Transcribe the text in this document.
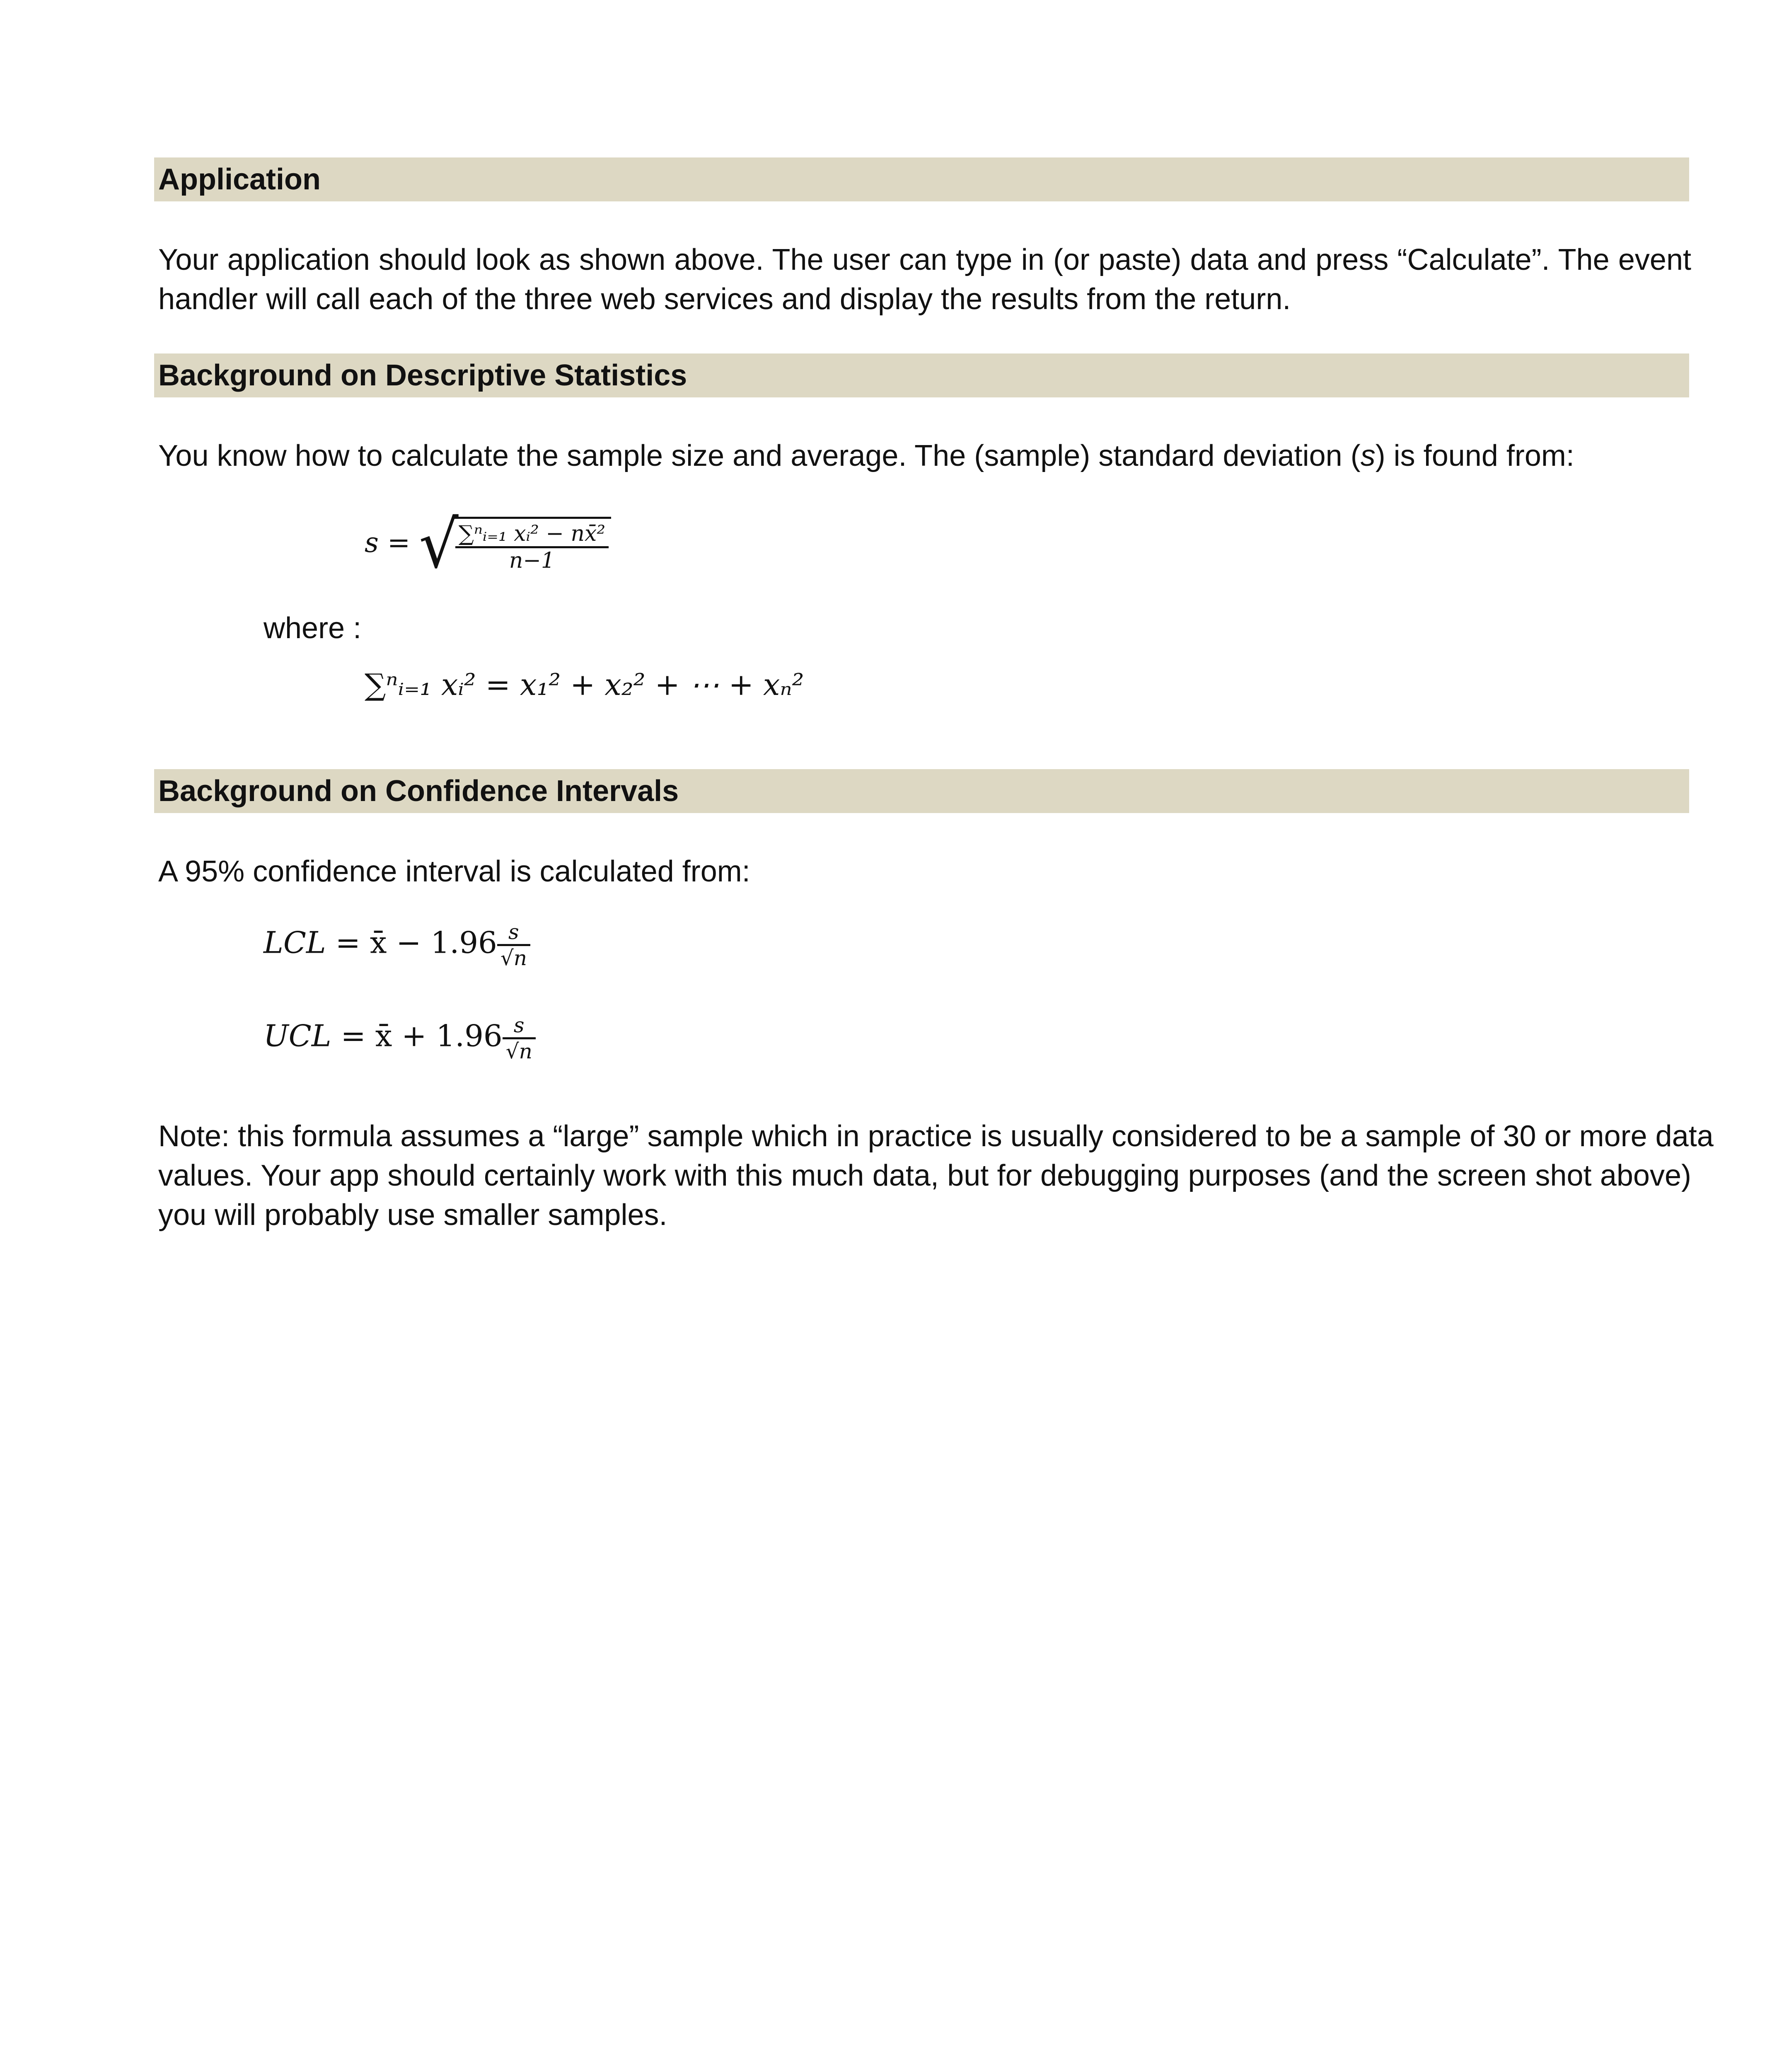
Application
Your application should look as shown above. The user can type in (or paste) data and press “Calculate”. The event
handler will call each of the three web services and display the results from the return.
Background on Descriptive Statistics
You know how to calculate the sample size and average. The (sample) standard deviation (s) is found from:
s = √
$\frac{\text{∑ⁿᵢ₌₁ xᵢ² − nx̄²}}{n-1}$
where :
∑ⁿᵢ₌₁ xᵢ² = x₁² + x₂² + ⋯ + xₙ²
Background on Confidence Intervals
A 95% confidence interval is calculated from:
LCL = x̄ − $1.96 \frac{s}{√n}$
UCL = x̄ + $1.96 \frac{s}{√n}$
Note: this formula assumes a “large” sample which in practice is usually considered to be a sample of 30 or more data
values. Your app should certainly work with this much data, but for debugging purposes (and the screen shot above)
you will probably use smaller samples.
